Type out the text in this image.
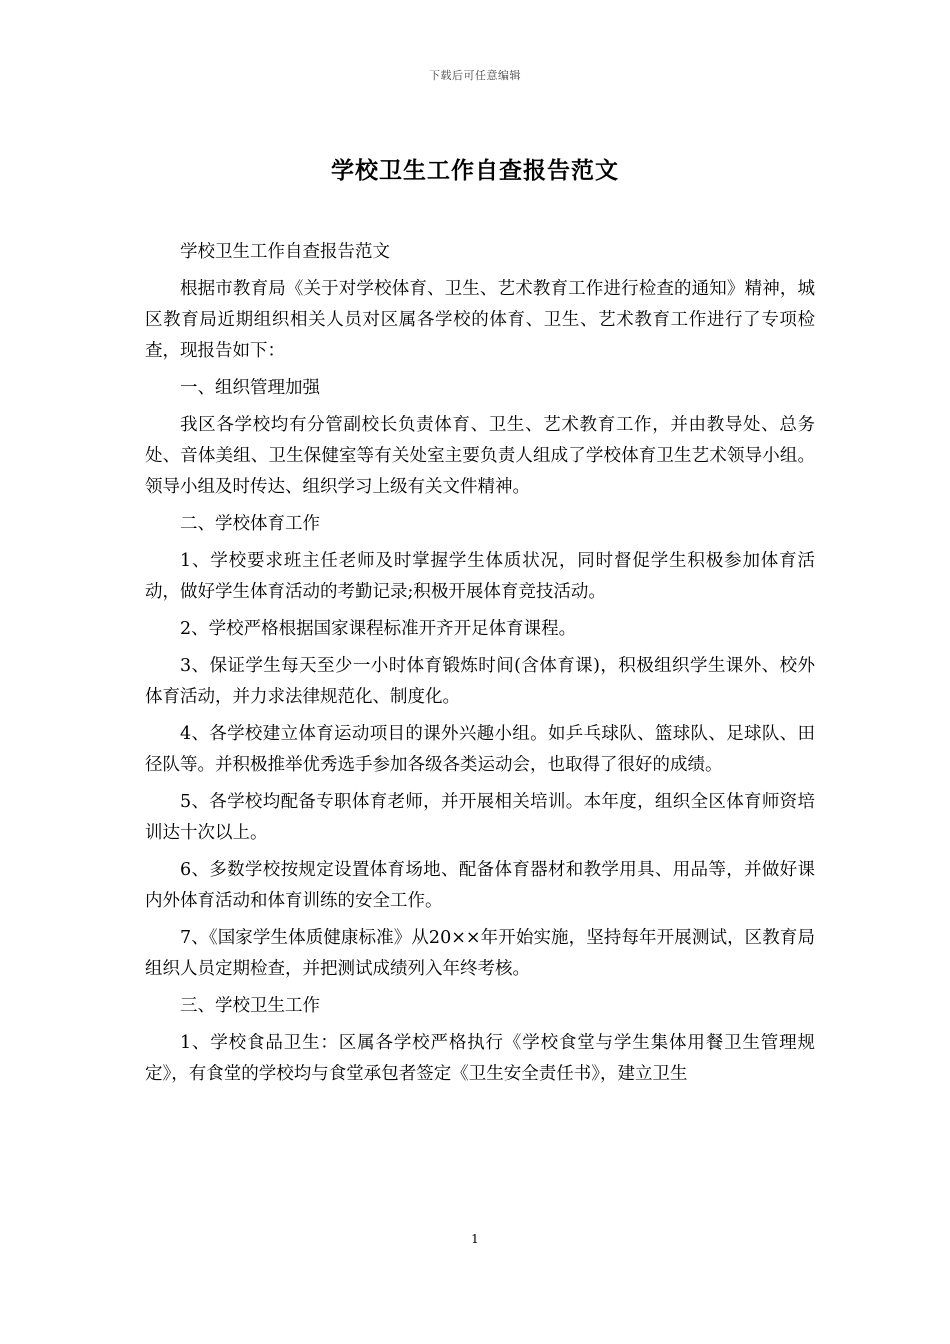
下载后可任意编辑
学校卫生工作自查报告范文

学校卫生工作自查报告范文

根据市教育局《关于对学校体育、卫生、艺术教育工作进行检查的通知》精神，城区教育局近期组织相关人员对区属各学校的体育、卫生、艺术教育工作进行了专项检查，现报告如下：

一、组织管理加强

我区各学校均有分管副校长负责体育、卫生、艺术教育工作，并由教导处、总务处、音体美组、卫生保健室等有关处室主要负责人组成了学校体育卫生艺术领导小组。领导小组及时传达、组织学习上级有关文件精神。

二、学校体育工作

1、学校要求班主任老师及时掌握学生体质状况，同时督促学生积极参加体育活动，做好学生体育活动的考勤记录;积极开展体育竞技活动。

2、学校严格根据国家课程标准开齐开足体育课程。

3、保证学生每天至少一小时体育锻炼时间(含体育课)，积极组织学生课外、校外体育活动，并力求法律规范化、制度化。

4、各学校建立体育运动项目的课外兴趣小组。如乒乓球队、篮球队、足球队、田径队等。并积极推举优秀选手参加各级各类运动会，也取得了很好的成绩。

5、各学校均配备专职体育老师，并开展相关培训。本年度，组织全区体育师资培训达十次以上。

6、多数学校按规定设置体育场地、配备体育器材和教学用具、用品等，并做好课内外体育活动和体育训练的安全工作。

7、《国家学生体质健康标准》从20××年开始实施，坚持每年开展测试，区教育局组织人员定期检查，并把测试成绩列入年终考核。

三、学校卫生工作

1、学校食品卫生：区属各学校严格执行《学校食堂与学生集体用餐卫生管理规定》，有食堂的学校均与食堂承包者签定《卫生安全责任书》，建立卫生

1
